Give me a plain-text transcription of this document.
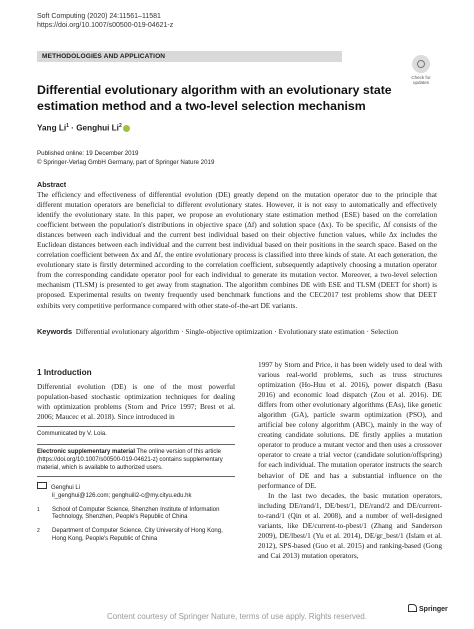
Soft Computing (2020) 24:11561–11581
https://doi.org/10.1007/s00500-019-04621-z
METHODOLOGIES AND APPLICATION
Check for
updates
Differential evolutionary algorithm with an evolutionary state estimation method and a two-level selection mechanism
Yang $Li^1$ · Genghui Li$^2$
Published online: 19 December 2019
© Springer-Verlag GmbH Germany, part of Springer Nature 2019
Abstract
The efficiency and effectiveness of differential evolution (DE) greatly depend on the mutation operator due to the principle that different mutation operators are beneficial to different evolutionary states. However, it is not easy to automatically and effectively identify the evolutionary state. In this paper, we propose an evolutionary state estimation method (ESE) based on the correlation coefficient between the population's distributions in objective space (Δf) and solution space (Δx). To be specific, Δf consists of the distances between each individual and the current best individual based on their objective function values, while Δx includes the Euclidean distances between each individual and the current best individual based on their positions in the search space. Based on the correlation coefficient between Δx and Δf, the entire evolutionary process is classified into three kinds of state. At each generation, the evolutionary state is firstly determined according to the correlation coefficient, subsequently adaptively choosing a mutation operator from the corresponding candidate operator pool for each individual to generate its mutation vector. Moreover, a two-level selection mechanism (TLSM) is presented to get away from stagnation. The algorithm combines DE with ESE and TLSM (DEET for short) is proposed. Experimental results on twenty frequently used benchmark functions and the CEC2017 test problems show that DEET exhibits very competitive performance compared with other state-of-the-art DE variants.
Keywords Differential evolutionary algorithm · Single-objective optimization · Evolutionary state estimation · Selection
1 Introduction
Differential evolution (DE) is one of the most powerful population-based stochastic optimization techniques for dealing with optimization problems (Storn and Price 1997; Brest et al. 2006; Maucec et al. 2018). Since introduced in
Communicated by V. Loia.
Electronic supplementary material The online version of this article (https://doi.org/10.1007/s00500-019-04621-z) contains supplementary material, which is available to authorized users.
Genghui Li
li_genghui@126.com; genghuili2-c@my.cityu.edu.hk
1 School of Computer Science, Shenzhen Institute of Information Technology, Shenzhen, People's Republic of China
2 Department of Computer Science, City University of Hong Kong, Hong Kong, People's Republic of China
1997 by Storn and Price, it has been widely used to deal with various real-world problems, such as truss structures optimization (Ho-Huu et al. 2016), power dispatch (Basu 2016) and economic load dispatch (Zou et al. 2016). DE differs from other evolutionary algorithms (EAs), like genetic algorithm (GA), particle swarm optimization (PSO), and artificial bee colony algorithm (ABC), mainly in the way of creating candidate solutions. DE firstly applies a mutation operator to produce a mutant vector and then uses a crossover operator to create a trial vector (candidate solution/offspring) for each individual. The mutation operator instructs the search behavior of DE and has a substantial influence on the performance of DE.
In the last two decades, the basic mutation operators, including DE/rand/1, DE/best/1, DE/rand/2 and DE/current-to-rand/1 (Qin et al. 2008), and a number of well-designed variants, like DE/current-to-pbest/1 (Zhang and Sanderson 2009), DE/lbest/1 (Yu et al. 2014), DE/gr_best/1 (Islam et al. 2012), SPS-based (Guo et al. 2015) and ranking-based (Gong and Cai 2013) mutation operators,
Springer
Content courtesy of Springer Nature, terms of use apply. Rights reserved.
